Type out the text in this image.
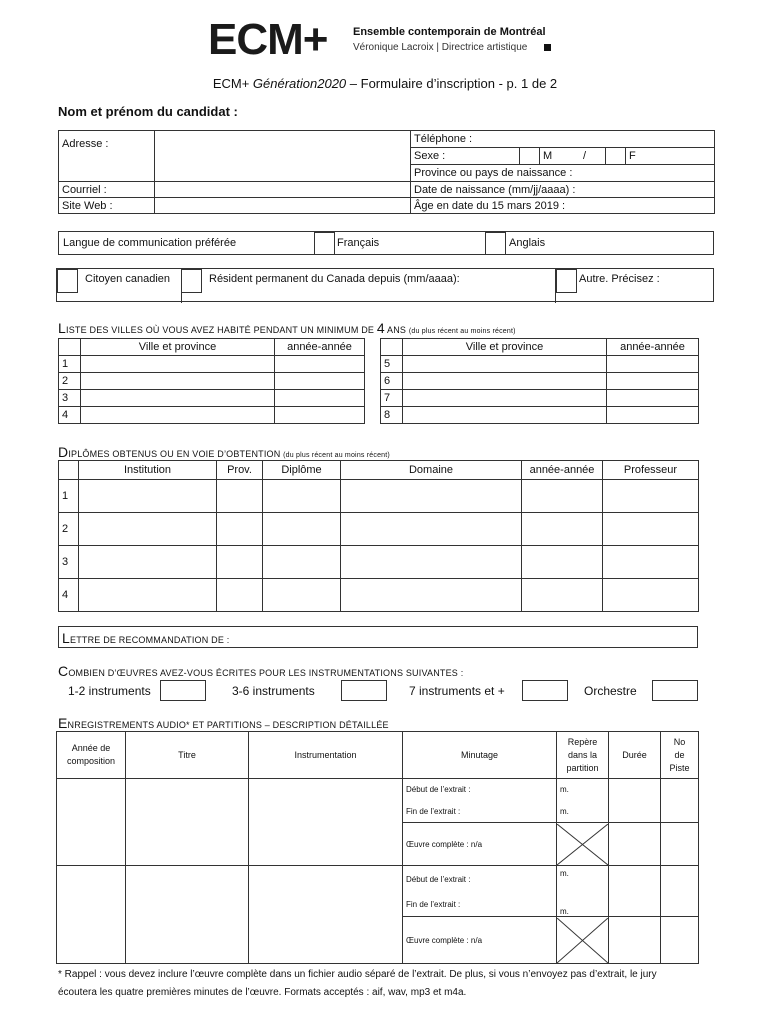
ECM+ Ensemble contemporain de Montréal
Véronique Lacroix | Directrice artistique
ECM+ Génération2020 – Formulaire d’inscription - p. 1 de 2
Nom et prénom du candidat :
Adresse :		Téléphone :
		Sexe : M / F

		Province ou pays de naissance :
Courriel :		Date de naissance (mm/jj/aaaa) :
Site Web :		Âge en date du 15 mars 2019 :
Langue de communication préférée	Français	Anglais
Citoyen canadien	Résident permanent du Canada depuis (mm/aaaa):	Autre. Précisez :
LISTE DES VILLES OÙ VOUS AVEZ HABITÉ PENDANT UN MINIMUM DE 4 ANS (du plus récent au moins récent)
	Ville et province	année-année
1		
2		
3		
4		
	Ville et province	année-année
5		
6		
7		
8		
DIPLÔMES OBTENUS OU EN VOIE D’OBTENTION (du plus récent au moins récent)
	Institution	Prov.	Diplôme	Domaine	année-année	Professeur
1						
2						
3						
4						
LETTRE DE RECOMMANDATION DE :
COMBIEN D’ŒUVRES AVEZ-VOUS ÉCRITES POUR LES INSTRUMENTATIONS SUIVANTES :
1-2 instruments	3-6 instruments	7 instruments et +	Orchestre
ENREGISTREMENTS AUDIO* ET PARTITIONS – DESCRIPTION DÉTAILLÉE
Année de
composition	Titre	Instrumentation	Minutage	Repère
dans la
partition	Durée	No
de
Piste
			Début de l’extrait :	m.		
			Fin de l’extrait :	m.		
			Œuvre complète : n/a	

			Début de l’extrait :	m.		
			Fin de l’extrait :	m.		
			Œuvre complète : n/a	

* Rappel : vous devez inclure l’œuvre complète dans un fichier audio séparé de l’extrait. De plus, si vous n’envoyez pas d’extrait, le jury
écoutera les quatre premières minutes de l’œuvre. Formats acceptés : aif, wav, mp3 et m4a.
